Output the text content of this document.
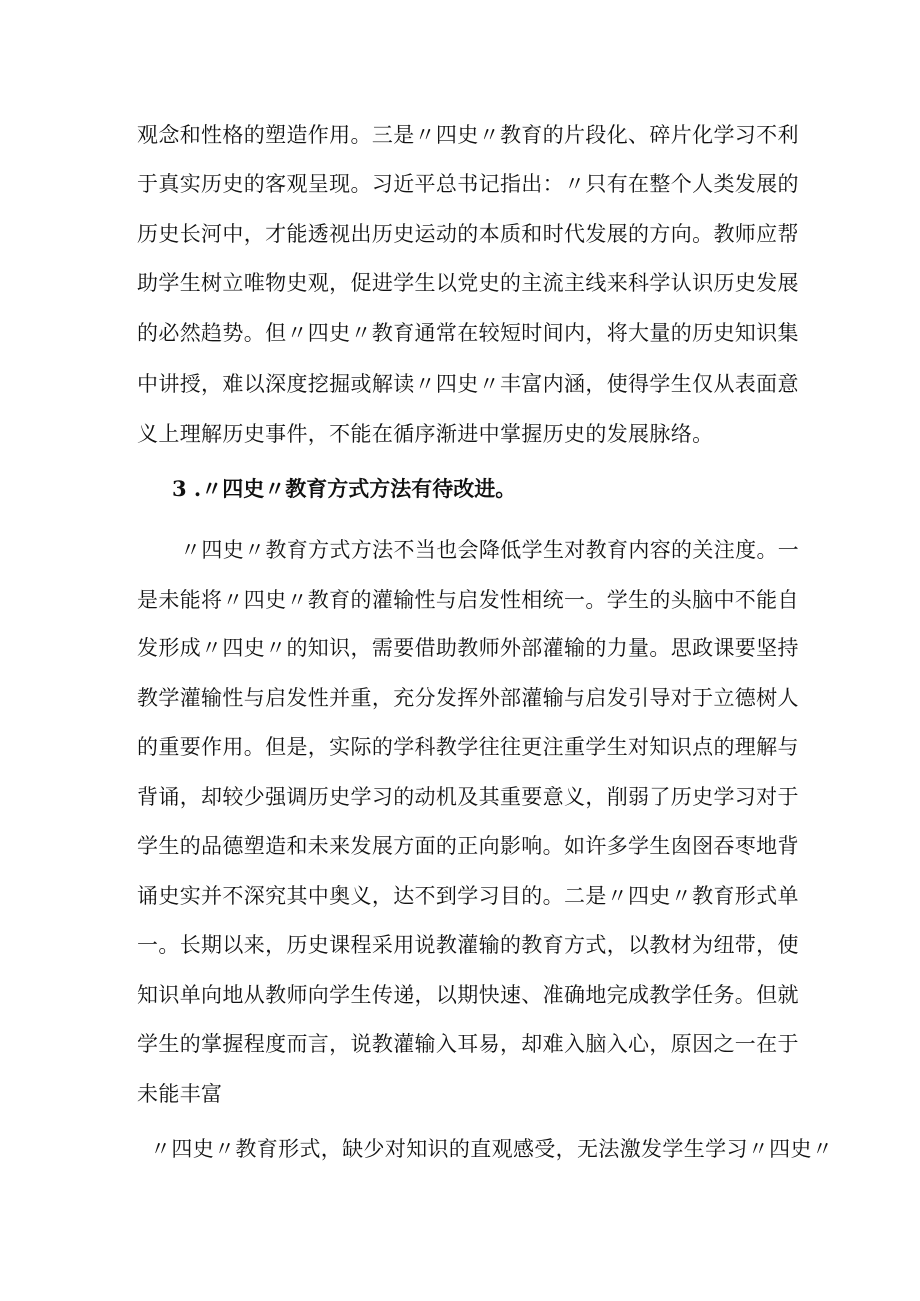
观念和性格的塑造作用。三是〃四史〃教育的片段化、碎片化学习不利
于真实历史的客观呈现。习近平总书记指出：〃只有在整个人类发展的
历史长河中，才能透视出历史运动的本质和时代发展的方向。教师应帮
助学生树立唯物史观，促进学生以党史的主流主线来科学认识历史发展
的必然趋势。但〃四史〃教育通常在较短时间内，将大量的历史知识集
中讲授，难以深度挖掘或解读〃四史〃丰富内涵，使得学生仅从表面意
义上理解历史事件，不能在循序渐进中掌握历史的发展脉络。
3 .〃四史〃教育方式方法有待改进。
〃四史〃教育方式方法不当也会降低学生对教育内容的关注度。一
是未能将〃四史〃教育的灌输性与启发性相统一。学生的头脑中不能自
发形成〃四史〃的知识，需要借助教师外部灌输的力量。思政课要坚持
教学灌输性与启发性并重，充分发挥外部灌输与启发引导对于立德树人
的重要作用。但是，实际的学科教学往往更注重学生对知识点的理解与
背诵，却较少强调历史学习的动机及其重要意义，削弱了历史学习对于
学生的品德塑造和未来发展方面的正向影响。如许多学生囱囹吞枣地背
诵史实并不深究其中奥义，达不到学习目的。二是〃四史〃教育形式单
一。长期以来，历史课程采用说教灌输的教育方式，以教材为纽带，使
知识单向地从教师向学生传递，以期快速、准确地完成教学任务。但就
学生的掌握程度而言，说教灌输入耳易，却难入脑入心，原因之一在于
未能丰富
〃四史〃教育形式，缺少对知识的直观感受，无法激发学生学习〃四史〃
